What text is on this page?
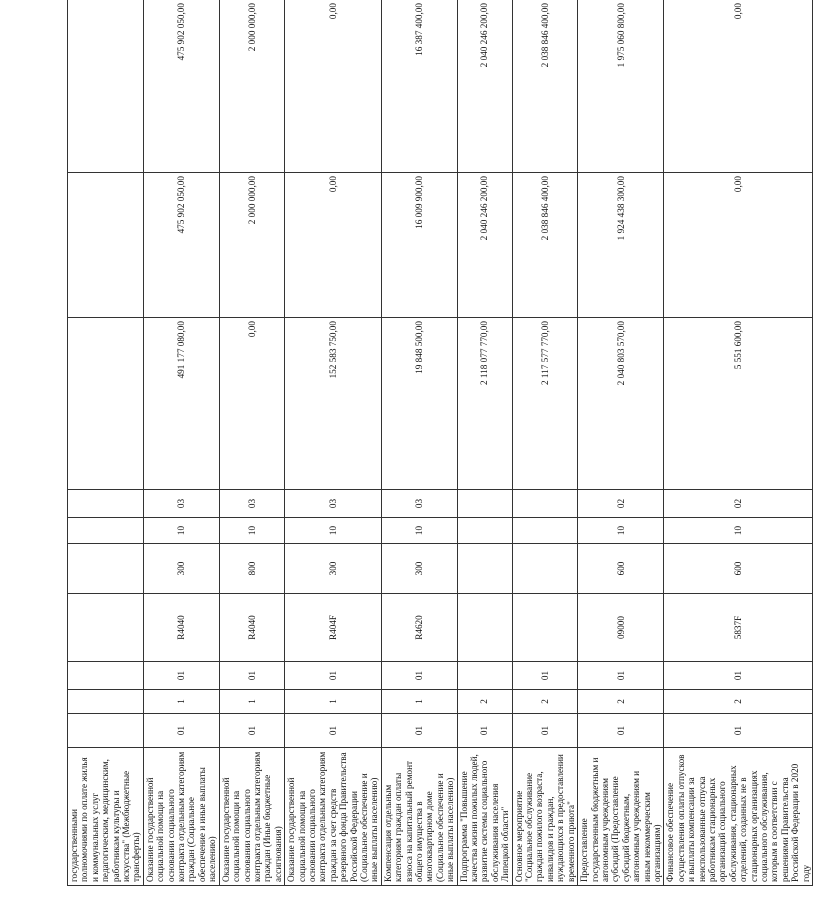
государственными полномочиями по оплате жилья и коммунальных услуг педагогическим, медицинским, работникам культуры и искусства" (Межбюджетные трансферты)										
Оказание государственной социальной помощи на основании социального контракта отдельным категориям граждан (Социальное обеспечение и иные выплаты населению)	01	1	01	R4040	300	10	03	491 177 080,00	475 902 050,00	475 902 050,00
Оказание государственной социальной помощи на основании социального контракта отдельным категориям граждан (Иные бюджетные ассигнования)	01	1	01	R4040	800	10	03	0,00	2 000 000,00	2 000 000,00
Оказание государственной социальной помощи на основании социального контракта отдельным категориям граждан за счет средств резервного фонда Правительства Российской Федерации (Социальное обеспечение и иные выплаты населению)	01	1	01	R404F	300	10	03	152 583 750,00	0,00	0,00
Компенсация отдельным категориям граждан оплаты взноса на капитальный ремонт общего имущества в многоквартирном доме (Социальное обеспечение и иные выплаты населению)	01	1	01	R4620	300	10	03	19 848 500,00	16 009 900,00	16 387 400,00
Подпрограмма "Повышение качества жизни пожилых людей, развитие системы социального обслуживания населения Липецкой области"	01	2						2 118 077 770,00	2 040 246 200,00	2 040 246 200,00
Основное мероприятие "Социальное обслуживание граждан пожилого возраста, инвалидов и граждан, нуждающихся в предоставлении временного приюта"	01	2	01					2 117 577 770,00	2 038 846 400,00	2 038 846 400,00
Предоставление государственным бюджетным и автономным учреждениям субсидий (Предоставление субсидий бюджетным, автономным учреждениям и иным некоммерческим организациям)	01	2	01	09000	600	10	02	2 040 803 570,00	1 924 438 300,00	1 975 060 800,00
Финансовое обеспечение осуществления оплаты отпусков и выплаты компенсации за неиспользованные отпуска работникам стационарных организаций социального обслуживания, стационарных отделений, созданных не в стационарных организациях социального обслуживания, которым в соответствии с решениями Правительства Российской Федерации в 2020 году	01	2	01	5837F	600	10	02	5 551 600,00	0,00	0,00
